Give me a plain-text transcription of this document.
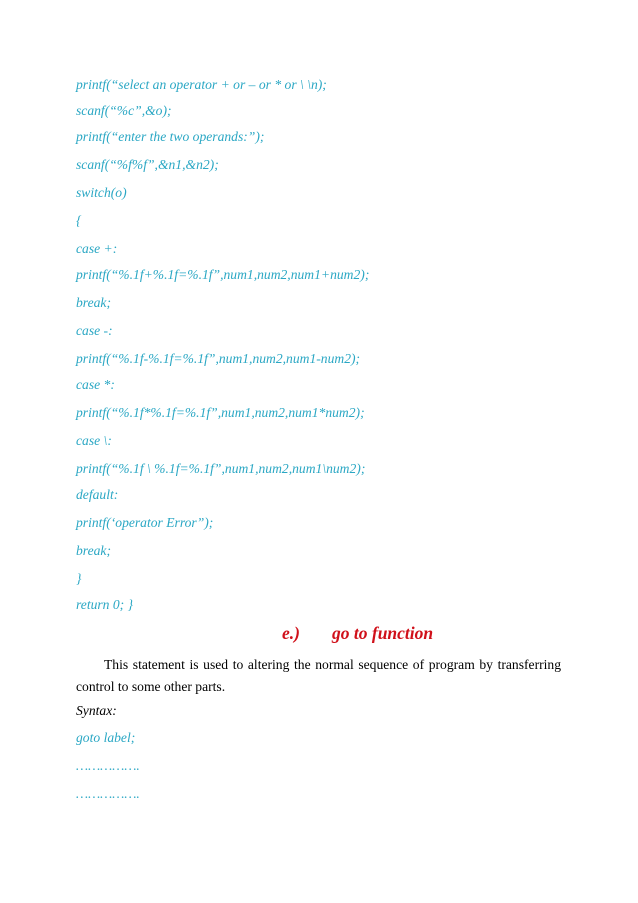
printf(“select an operator + or – or * or \ \n);

scanf(“%c”,&o);

printf(“enter the two operands:”);

scanf(“%f%f”,&n1,&n2);

switch(o)

{

case +:

printf(“%.1f+%.1f=%.1f”,num1,num2,num1+num2);

break;

case -:

printf(“%.1f-%.1f=%.1f”,num1,num2,num1-num2);

case *:

printf(“%.1f*%.1f=%.1f”,num1,num2,num1*num2);

case \:

printf(“%.1f \ %.1f=%.1f”,num1,num2,num1\num2);

default:

printf(‘operator Error”);

break;

}

return 0; }

e.) go to function

This statement is used to altering the normal sequence of program by transferring control to some other parts.

Syntax:

goto label;

…………….

…………….
